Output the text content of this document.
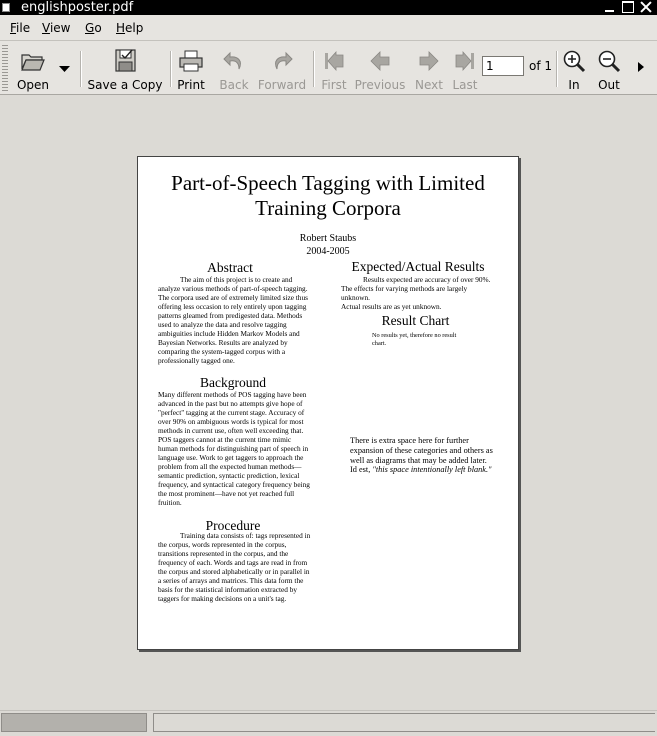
englishposter.pdf
File View Go Help
Open	Save a Copy Print Back Forward First Previous Next Last
1
of 1
In	Out
Part-of-Speech Tagging with Limited
Training Corpora
Robert Staubs
2004-2005
Abstract
The aim of this project is to create and analyze various methods of part-of-speech tagging. The corpora used are of extremely limited size thus offering less occasion to rely entirely upon tagging patterns gleamed from predigested data. Methods used to analyze the data and resolve tagging ambiguities include Hidden Markov Models and Bayesian Networks. Results are analyzed by comparing the system-tagged corpus with a professionally tagged one.
Background
Many different methods of POS tagging have been advanced in the past but no attempts give hope of "perfect" tagging at the current stage. Accuracy of over 90% on ambiguous words is typical for most methods in current use, often well exceeding that. POS taggers cannot at the current time mimic human methods for distinguishing part of speech in language use. Work to get taggers to approach the problem from all the expected human methods—semantic prediction, syntactic prediction, lexical frequency, and syntactical category frequency being the most prominent—have not yet reached full fruition.
Procedure
Training data consists of: tags represented in the corpus, words represented in the corpus, transitions represented in the corpus, and the frequency of each. Words and tags are read in from the corpus and stored alphabetically or in parallel in a series of arrays and matrices. This data form the basis for the statistical information extracted by taggers for making decisions on a unit's tag.
Expected/Actual Results
Results expected are accuracy of over 90%. The effects for varying methods are largely unknown.
Actual results are as yet unknown.
Result Chart
No results yet, therefore no result chart.
There is extra space here for further expansion of these categories and others as well as diagrams that may be added later.
Id est, "this space intentionally left blank."
